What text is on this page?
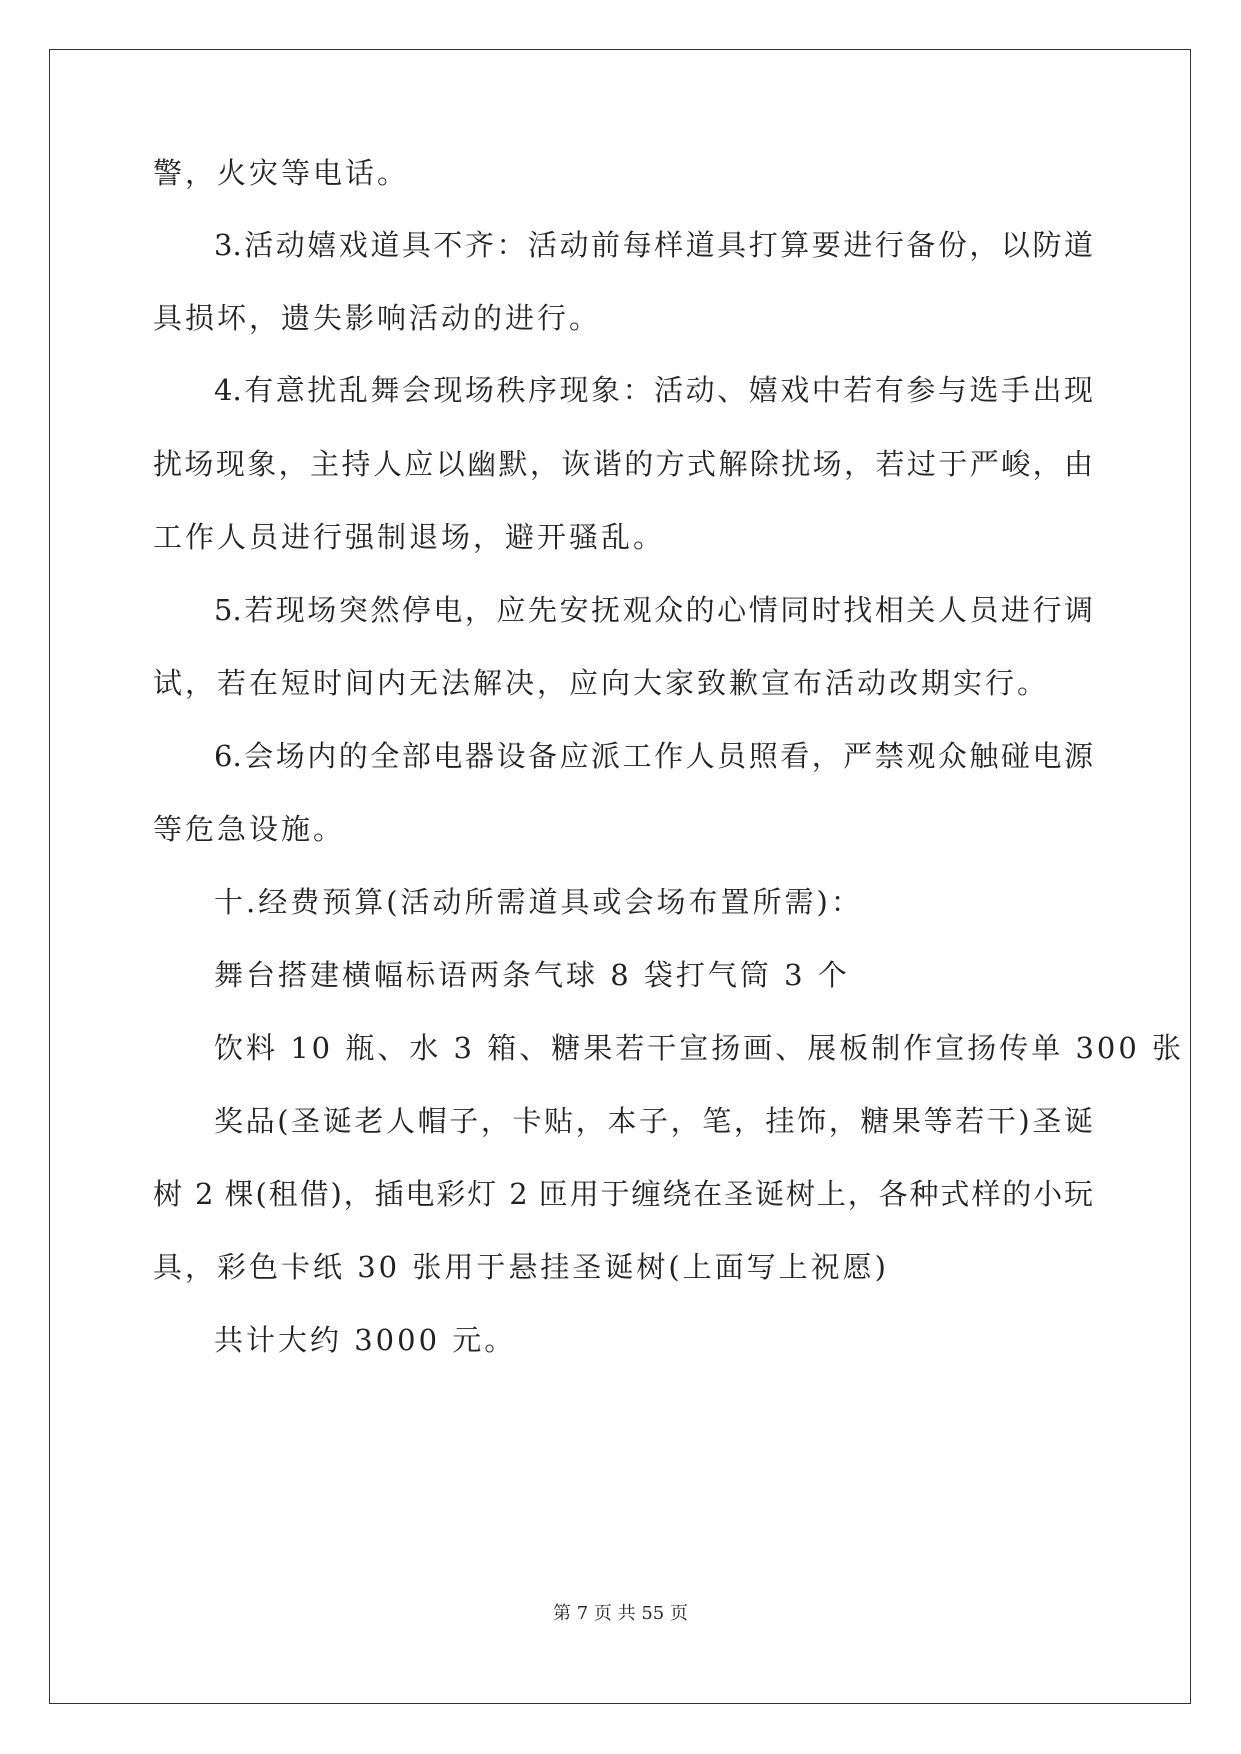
警，火灾等电话。
3.活动嬉戏道具不齐：活动前每样道具打算要进行备份，以防道
具损坏，遗失影响活动的进行。
4.有意扰乱舞会现场秩序现象：活动、嬉戏中若有参与选手出现
扰场现象，主持人应以幽默，诙谐的方式解除扰场，若过于严峻，由
工作人员进行强制退场，避开骚乱。
5.若现场突然停电，应先安抚观众的心情同时找相关人员进行调
试，若在短时间内无法解决，应向大家致歉宣布活动改期实行。
6.会场内的全部电器设备应派工作人员照看，严禁观众触碰电源
等危急设施。
十.经费预算(活动所需道具或会场布置所需)：
舞台搭建横幅标语两条气球 8 袋打气筒 3 个
饮料 10 瓶、水 3 箱、糖果若干宣扬画、展板制作宣扬传单 300 张
奖品(圣诞老人帽子，卡贴，本子，笔，挂饰，糖果等若干)圣诞
树 2 棵(租借)，插电彩灯 2 匝用于缠绕在圣诞树上，各种式样的小玩
具，彩色卡纸 30 张用于悬挂圣诞树(上面写上祝愿)
共计大约 3000 元。
第 7 页 共 55 页
